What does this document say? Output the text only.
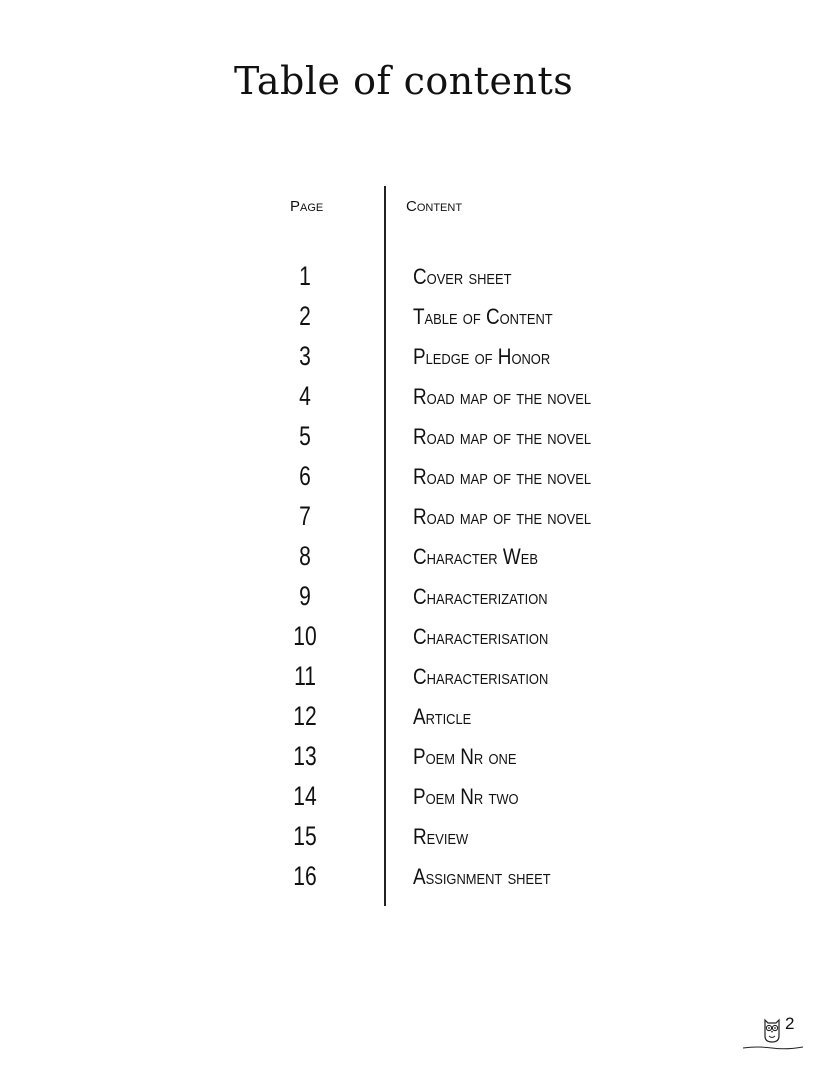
Table of contents
Page	Content
1	Cover sheet
2	Table of Content
3	Pledge of Honor
4	Road map of the novel
5	Road map of the novel
6	Road map of the novel
7	Road map of the novel
8	Character Web
9	Characterization
10	Characterisation
11	Characterisation
12	Article
13	Poem Nr one
14	Poem Nr two
15	Review
16	Assignment sheet
2
